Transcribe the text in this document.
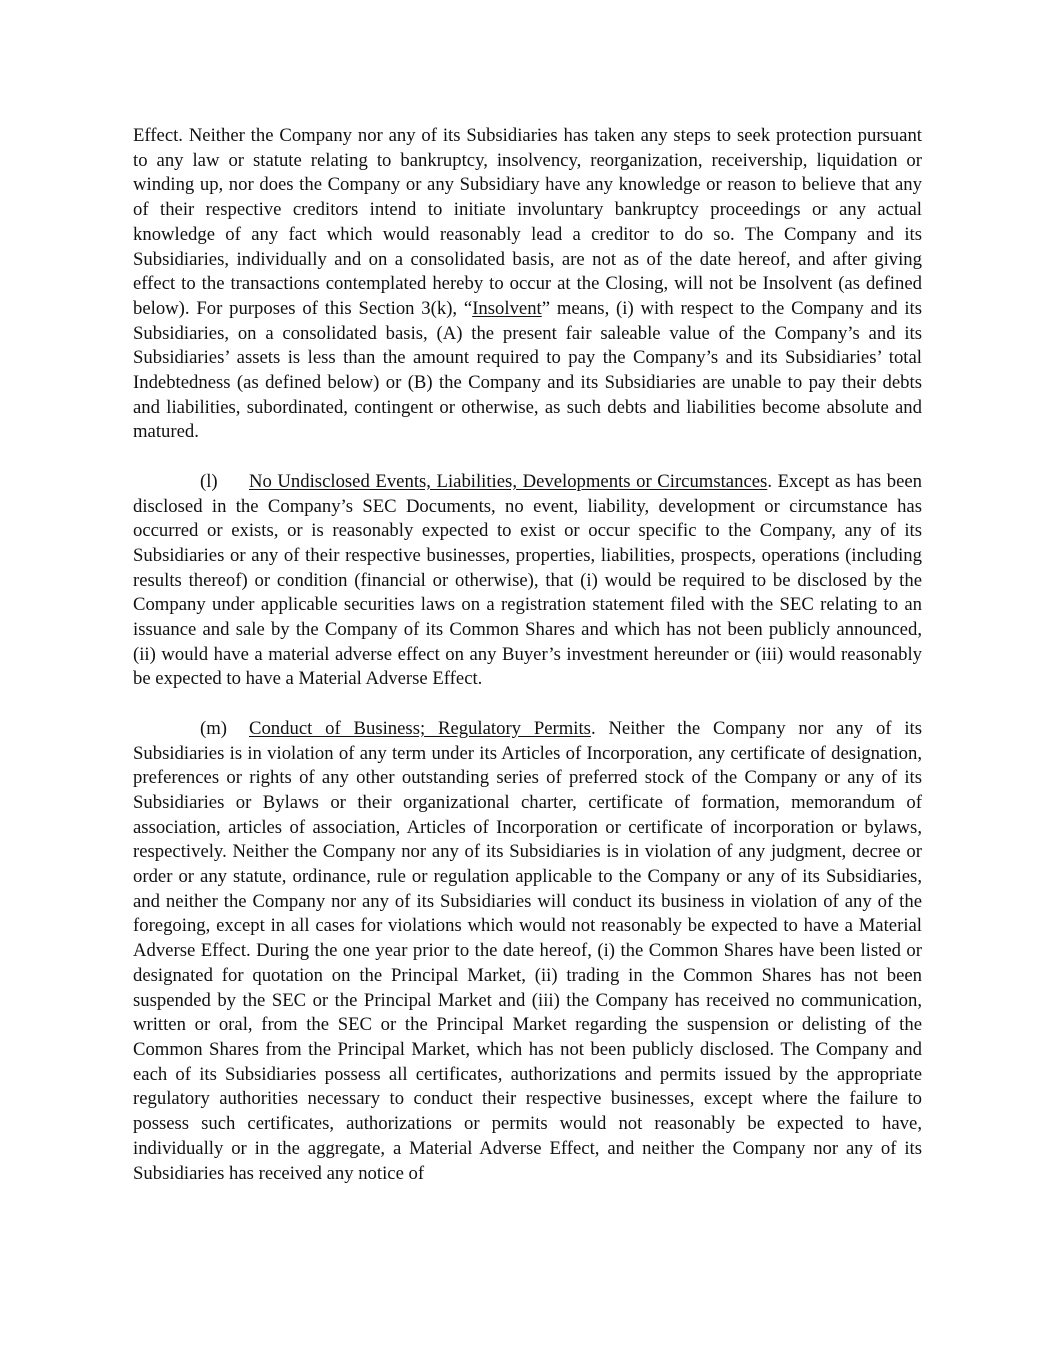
Effect. Neither the Company nor any of its Subsidiaries has taken any steps to seek protection pursuant to any law or statute relating to bankruptcy, insolvency, reorganization, receivership, liquidation or winding up, nor does the Company or any Subsidiary have any knowledge or reason to believe that any of their respective creditors intend to initiate involuntary bankruptcy proceedings or any actual knowledge of any fact which would reasonably lead a creditor to do so. The Company and its Subsidiaries, individually and on a consolidated basis, are not as of the date hereof, and after giving effect to the transactions contemplated hereby to occur at the Closing, will not be Insolvent (as defined below). For purposes of this Section 3(k), “Insolvent” means, (i) with respect to the Company and its Subsidiaries, on a consolidated basis, (A) the present fair saleable value of the Company’s and its Subsidiaries’ assets is less than the amount required to pay the Company’s and its Subsidiaries’ total Indebtedness (as defined below) or (B) the Company and its Subsidiaries are unable to pay their debts and liabilities, subordinated, contingent or otherwise, as such debts and liabilities become absolute and matured.

(l) No Undisclosed Events, Liabilities, Developments or Circumstances. Except as has been disclosed in the Company’s SEC Documents, no event, liability, development or circumstance has occurred or exists, or is reasonably expected to exist or occur specific to the Company, any of its Subsidiaries or any of their respective businesses, properties, liabilities, prospects, operations (including results thereof) or condition (financial or otherwise), that (i) would be required to be disclosed by the Company under applicable securities laws on a registration statement filed with the SEC relating to an issuance and sale by the Company of its Common Shares and which has not been publicly announced, (ii) would have a material adverse effect on any Buyer’s investment hereunder or (iii) would reasonably be expected to have a Material Adverse Effect.

(m) Conduct of Business; Regulatory Permits. Neither the Company nor any of its Subsidiaries is in violation of any term under its Articles of Incorporation, any certificate of designation, preferences or rights of any other outstanding series of preferred stock of the Company or any of its Subsidiaries or Bylaws or their organizational charter, certificate of formation, memorandum of association, articles of association, Articles of Incorporation or certificate of incorporation or bylaws, respectively. Neither the Company nor any of its Subsidiaries is in violation of any judgment, decree or order or any statute, ordinance, rule or regulation applicable to the Company or any of its Subsidiaries, and neither the Company nor any of its Subsidiaries will conduct its business in violation of any of the foregoing, except in all cases for violations which would not reasonably be expected to have a Material Adverse Effect. During the one year prior to the date hereof, (i) the Common Shares have been listed or designated for quotation on the Principal Market, (ii) trading in the Common Shares has not been suspended by the SEC or the Principal Market and (iii) the Company has received no communication, written or oral, from the SEC or the Principal Market regarding the suspension or delisting of the Common Shares from the Principal Market, which has not been publicly disclosed. The Company and each of its Subsidiaries possess all certificates, authorizations and permits issued by the appropriate regulatory authorities necessary to conduct their respective businesses, except where the failure to possess such certificates, authorizations or permits would not reasonably be expected to have, individually or in the aggregate, a Material Adverse Effect, and neither the Company nor any of its Subsidiaries has received any notice of
